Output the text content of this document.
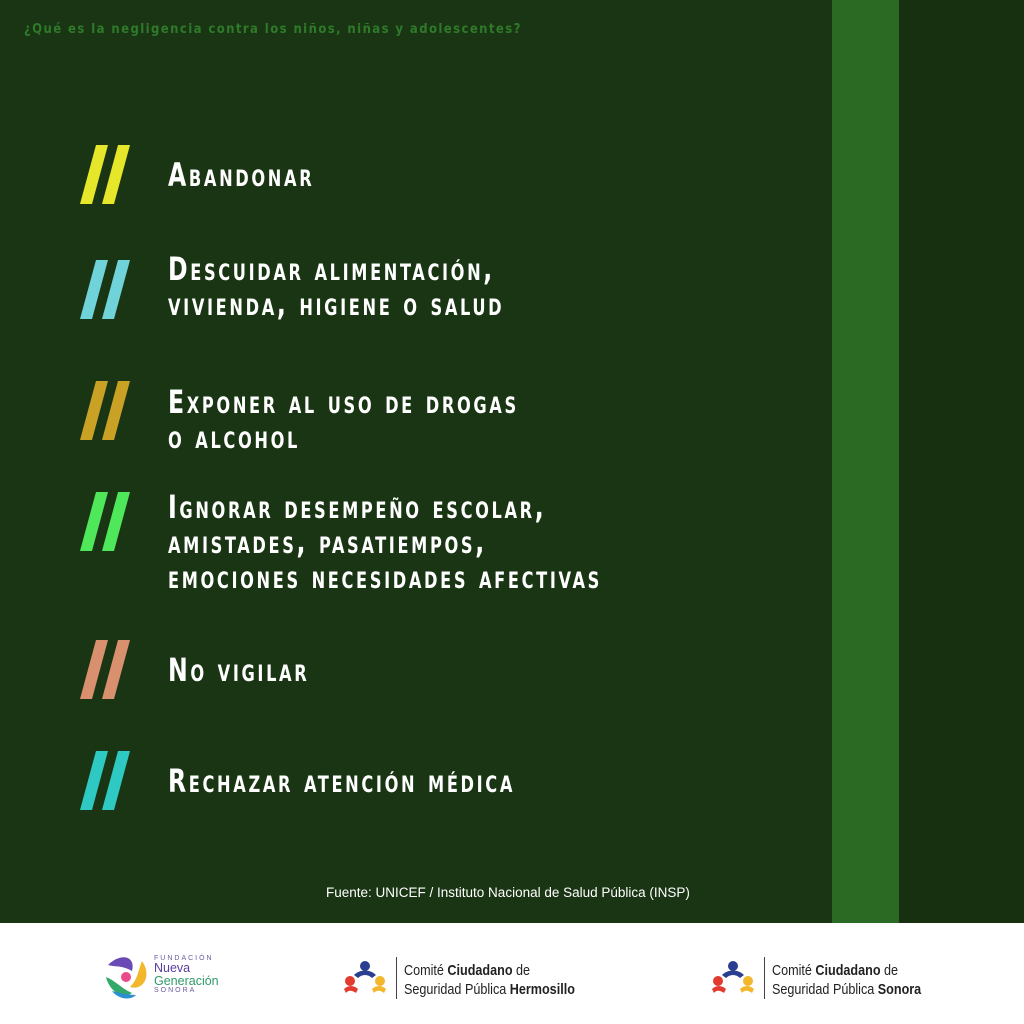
¿Qué es la negligencia contra los niños, niñas y adolescentes?
Abandonar
Descuidar alimentación,
vivienda, higiene o salud
Exponer al uso de drogas
o alcohol
Ignorar desempeño escolar,
amistades, pasatiempos,
emociones necesidades afectivas
No vigilar
Rechazar atención médica
Fuente: UNICEF / Instituto Nacional de Salud Pública (INSP)
FUNDACIÓN
Nueva
Generación
SONORA
Comité Ciudadano de
Seguridad Pública Hermosillo
Comité Ciudadano de
Seguridad Pública Sonora
